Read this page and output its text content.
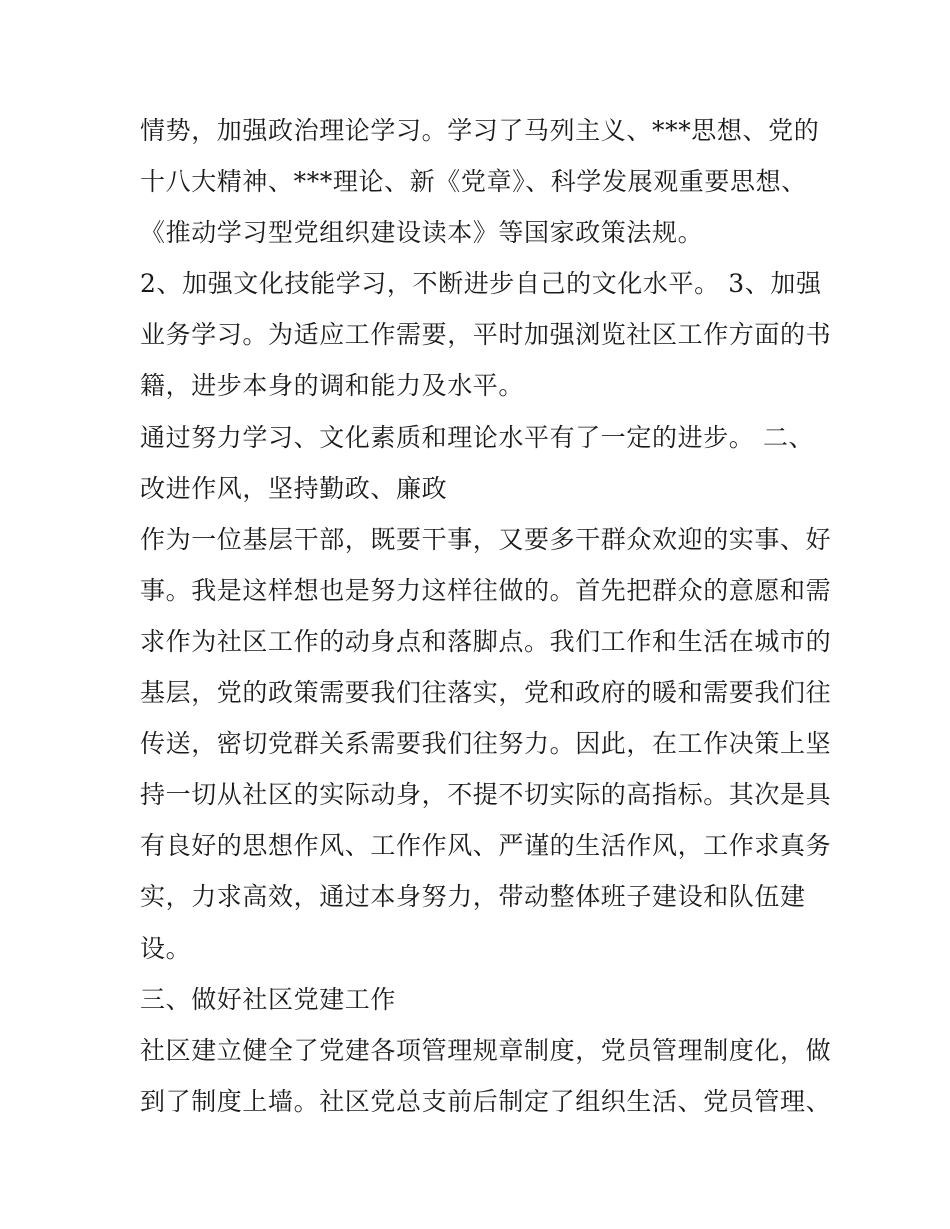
情势，加强政治理论学习。学习了马列主义、***思想、党的

十八大精神、***理论、新《党章》、科学发展观重要思想、

《推动学习型党组织建设读本》等国家政策法规。

2、加强文化技能学习，不断进步自己的文化水平。 3、加强

业务学习。为适应工作需要，平时加强浏览社区工作方面的书

籍，进步本身的调和能力及水平。

通过努力学习、文化素质和理论水平有了一定的进步。 二、

改进作风，坚持勤政、廉政

作为一位基层干部，既要干事，又要多干群众欢迎的实事、好

事。我是这样想也是努力这样往做的。首先把群众的意愿和需

求作为社区工作的动身点和落脚点。我们工作和生活在城市的

基层，党的政策需要我们往落实，党和政府的暖和需要我们往

传送，密切党群关系需要我们往努力。因此，在工作决策上坚

持一切从社区的实际动身，不提不切实际的高指标。其次是具

有良好的思想作风、工作作风、严谨的生活作风，工作求真务

实，力求高效，通过本身努力，带动整体班子建设和队伍建

设。

三、做好社区党建工作

社区建立健全了党建各项管理规章制度，党员管理制度化，做

到了制度上墙。社区党总支前后制定了组织生活、党员管理、
